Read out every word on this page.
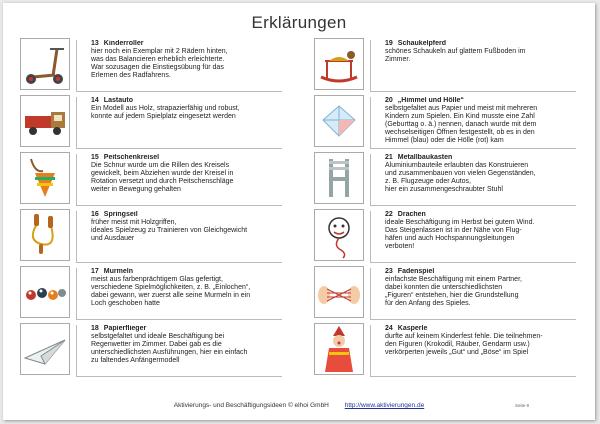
Erklärungen
13 Kinderroller
hier noch ein Exemplar mit 2 Rädern hinten,
was das Balancieren erheblich erleichterte.
War sozusagen die Einstiegsübung für das
Erlernen des Radfahrens.
14 Lastauto
Ein Modell aus Holz, strapazierfähig und robust,
konnte auf jedem Spielplatz eingesetzt werden
15 Peitschenkreisel
Die Schnur wurde um die Rillen des Kreisels
gewickelt, beim Abziehen wurde der Kreisel in
Rotation versetzt und durch Peitschenschläge
weiter in Bewegung gehalten
16 Springseil
früher meist mit Holzgriffen,
ideales Spielzeug zu Trainieren von Gleichgewicht
und Ausdauer
17 Murmeln
meist aus farbenprächtigem Glas gefertigt,
verschiedene Spielmöglichkeiten, z. B. „Einlochen“,
dabei gewann, wer zuerst alle seine Murmeln in ein
Loch geschoben hatte
18 Papierflieger
selbstgefaltet und ideale Beschäftigung bei
Regenwetter im Zimmer. Dabei gab es die
unterschiedlichsten Ausführungen, hier ein einfach
zu faltendes Anfängermodell
19 Schaukelpferd
schönes Schaukeln auf glattem Fußboden im
Zimmer.
20 „Himmel und Hölle“
selbstgefaltet aus Papier und meist mit mehreren
Kindern zum Spielen. Ein Kind musste eine Zahl
(Geburttag o. ä.) nennen, danach wurde mit dem
wechselseitigen Öffnen festgestellt, ob es in den
Himmel (blau) oder die Hölle (rot) kam
21 Metallbaukasten
Aluminiumbauteile erlaubten das Konstruieren
und zusammenbauen von vielen Gegenständen,
z. B. Flugzeuge oder Autos,
hier ein zusammengeschraubter Stuhl
22 Drachen
ideale Beschäftigung im Herbst bei gutem Wind.
Das Steigenlassen ist in der Nähe von Flug-
häfen und auch Hochspannungsleitungen
verboten!
23 Fadenspiel
einfachste Beschäftigung mit einem Partner,
dabei konnten die unterschiedlichsten
„Figuren“ entstehen, hier die Grundstellung
für den Anfang des Spieles.
24 Kasperle
durfte auf keinem Kinderfest fehle. Die teilnehmen-
den Figuren (Krokodil, Räuber, Gendarm usw.)
verkörperten jeweils „Gut“ und „Böse“ im Spiel
Aktivierungs- und Beschäftigungsideen © elhoi GmbH http://www.aktivierungen.de	Seite 8
